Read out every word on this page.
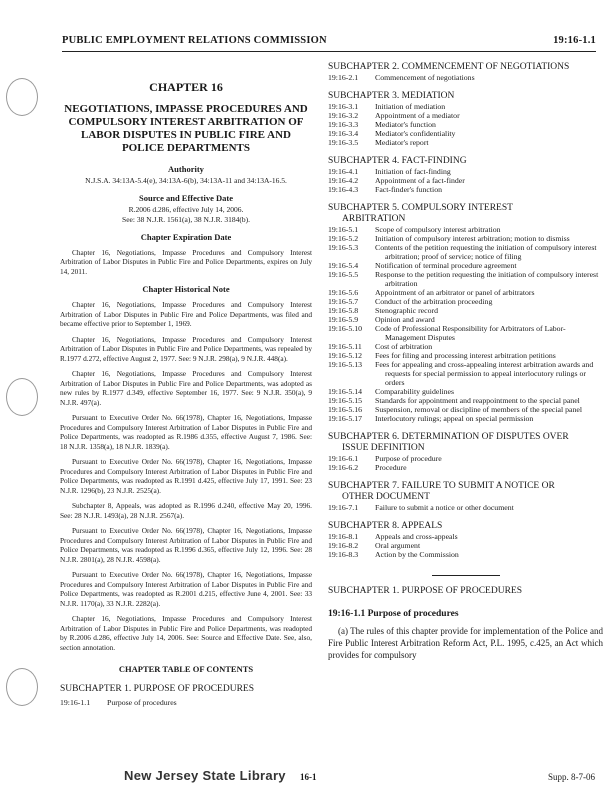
PUBLIC EMPLOYMENT RELATIONS COMMISSION	19:16-1.1
CHAPTER 16
NEGOTIATIONS, IMPASSE PROCEDURES AND COMPULSORY INTEREST ARBITRATION OF LABOR DISPUTES IN PUBLIC FIRE AND POLICE DEPARTMENTS
Authority
N.J.S.A. 34:13A-5.4(e), 34:13A-6(b), 34:13A-11 and 34:13A-16.5.
Source and Effective Date
R.2006 d.286, effective July 14, 2006.
See: 38 N.J.R. 1561(a), 38 N.J.R. 3184(b).
Chapter Expiration Date
Chapter 16, Negotiations, Impasse Procedures and Compulsory Interest Arbitration of Labor Disputes in Public Fire and Police Departments, expires on July 14, 2011.
Chapter Historical Note
Chapter 16, Negotiations, Impasse Procedures and Compulsory Interest Arbitration of Labor Disputes in Public Fire and Police Departments, was filed and became effective prior to September 1, 1969.
Chapter 16, Negotiations, Impasse Procedures and Compulsory Interest Arbitration of Labor Disputes in Public Fire and Police Departments, was repealed by R.1977 d.272, effective August 2, 1977. See: 9 N.J.R. 298(a), 9 N.J.R. 448(a).
Chapter 16, Negotiations, Impasse Procedures and Compulsory Interest Arbitration of Labor Disputes in Public Fire and Police Departments, was adopted as new rules by R.1977 d.349, effective September 16, 1977. See: 9 N.J.R. 350(a), 9 N.J.R. 497(a).
Pursuant to Executive Order No. 66(1978), Chapter 16, Negotiations, Impasse Procedures and Compulsory Interest Arbitration of Labor Disputes in Public Fire and Police Departments, was readopted as R.1986 d.355, effective August 7, 1986. See: 18 N.J.R. 1358(a), 18 N.J.R. 1839(a).
Pursuant to Executive Order No. 66(1978), Chapter 16, Negotiations, Impasse Procedures and Compulsory Interest Arbitration of Labor Disputes in Public Fire and Police Departments, was readopted as R.1991 d.425, effective July 17, 1991. See: 23 N.J.R. 1296(b), 23 N.J.R. 2525(a).
Subchapter 8, Appeals, was adopted as R.1996 d.240, effective May 20, 1996. See: 28 N.J.R. 1493(a), 28 N.J.R. 2567(a).
Pursuant to Executive Order No. 66(1978), Chapter 16, Negotiations, Impasse Procedures and Compulsory Interest Arbitration of Labor Disputes in Public Fire and Police Departments, was readopted as R.1996 d.365, effective July 12, 1996. See: 28 N.J.R. 2801(a), 28 N.J.R. 4598(a).
Pursuant to Executive Order No. 66(1978), Chapter 16, Negotiations, Impasse Procedures and Compulsory Interest Arbitration of Labor Disputes in Public Fire and Police Departments, was readopted as R.2001 d.215, effective June 4, 2001. See: 33 N.J.R. 1170(a), 33 N.J.R. 2282(a).
Chapter 16, Negotiations, Impasse Procedures and Compulsory Interest Arbitration of Labor Disputes in Public Fire and Police Departments, was readopted by R.2006 d.286, effective July 14, 2006. See: Source and Effective Date. See, also, section annotation.
CHAPTER TABLE OF CONTENTS
SUBCHAPTER 1. PURPOSE OF PROCEDURES
19:16-1.1	Purpose of procedures
SUBCHAPTER 2. COMMENCEMENT OF NEGOTIATIONS
19:16-2.1	Commencement of negotiations
SUBCHAPTER 3. MEDIATION
19:16-3.1	Initiation of mediation
19:16-3.2	Appointment of a mediator
19:16-3.3	Mediator's function
19:16-3.4	Mediator's confidentiality
19:16-3.5	Mediator's report
SUBCHAPTER 4. FACT-FINDING
19:16-4.1	Initiation of fact-finding
19:16-4.2	Appointment of a fact-finder
19:16-4.3	Fact-finder's function
SUBCHAPTER 5. COMPULSORY INTEREST
ARBITRATION
19:16-5.1	Scope of compulsory interest arbitration
19:16-5.2	Initiation of compulsory interest arbitration; motion to dismiss
19:16-5.3	Contents of the petition requesting the initiation of compulsory interest arbitration; proof of service; notice of filing
19:16-5.4	Notification of terminal procedure agreement
19:16-5.5	Response to the petition requesting the initiation of compulsory interest arbitration
19:16-5.6	Appointment of an arbitrator or panel of arbitrators
19:16-5.7	Conduct of the arbitration proceeding
19:16-5.8	Stenographic record
19:16-5.9	Opinion and award
19:16-5.10	Code of Professional Responsibility for Arbitrators of Labor-Management Disputes
19:16-5.11	Cost of arbitration
19:16-5.12	Fees for filing and processing interest arbitration petitions
19:16-5.13	Fees for appealing and cross-appealing interest arbitration awards and requests for special permission to appeal interlocutory rulings or orders
19:16-5.14	Comparability guidelines
19:16-5.15	Standards for appointment and reappointment to the special panel
19:16-5.16	Suspension, removal or discipline of members of the special panel
19:16-5.17	Interlocutory rulings; appeal on special permission
SUBCHAPTER 6. DETERMINATION OF DISPUTES OVER
ISSUE DEFINITION
19:16-6.1	Purpose of procedure
19:16-6.2	Procedure
SUBCHAPTER 7. FAILURE TO SUBMIT A NOTICE OR
OTHER DOCUMENT
19:16-7.1	Failure to submit a notice or other document
SUBCHAPTER 8. APPEALS
19:16-8.1	Appeals and cross-appeals
19:16-8.2	Oral argument
19:16-8.3	Action by the Commission
SUBCHAPTER 1. PURPOSE OF PROCEDURES
19:16-1.1 Purpose of procedures
(a) The rules of this chapter provide for implementation of the Police and Fire Public Interest Arbitration Reform Act, P.L. 1995, c.425, an Act which provides for compulsory
New Jersey State Library 16-1	Supp. 8-7-06
